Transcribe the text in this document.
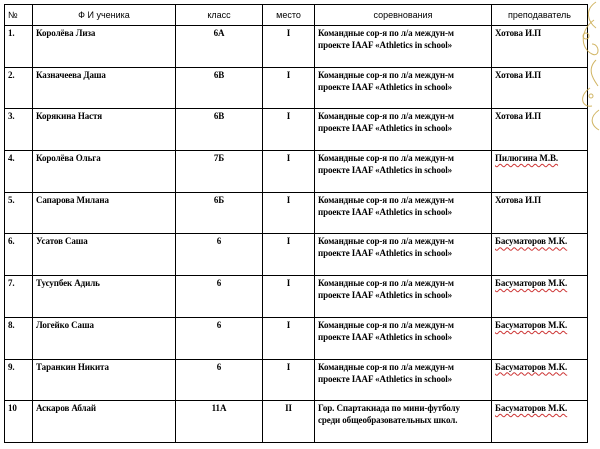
№	Ф И ученика	класс	место	соревнования	преподаватель
1.	Королёва Лиза	6А	I	Командные сор-я по л/а междун-м
проекте IAAF «Athletics in school»	Хотова И.П
2.	Казначеева Даша	6В	I	Командные сор-я по л/а междун-м
проекте IAAF «Athletics in school»	Хотова И.П
3.	Корякина Настя	6В	I	Командные сор-я по л/а междун-м
проекте IAAF «Athletics in school»	Хотова И.П
4.	Королёва Ольга	7Б	I	Командные сор-я по л/а междун-м
проекте IAAF «Athletics in school»	Пилюгина М.В.
5.	Сапарова Милана	6Б	I	Командные сор-я по л/а междун-м
проекте IAAF «Athletics in school»	Хотова И.П
6.	Усатов Саша	6	I	Командные сор-я по л/а междун-м
проекте IAAF «Athletics in school»	Басуматоров М.К.
7.	Тусупбек Адиль	6	I	Командные сор-я по л/а междун-м
проекте IAAF «Athletics in school»	Басуматоров М.К.
8.	Логейко Саша	6	I	Командные сор-я по л/а междун-м
проекте IAAF «Athletics in school»	Басуматоров М.К.
9.	Таранкин Никита	6	I	Командные сор-я по л/а междун-м
проекте IAAF «Athletics in school»	Басуматоров М.К.
10	Аскаров Аблай	11А	II	Гор. Спартакиада по мини-футболу
среди общеобразовательных школ.	Басуматоров М.К.
